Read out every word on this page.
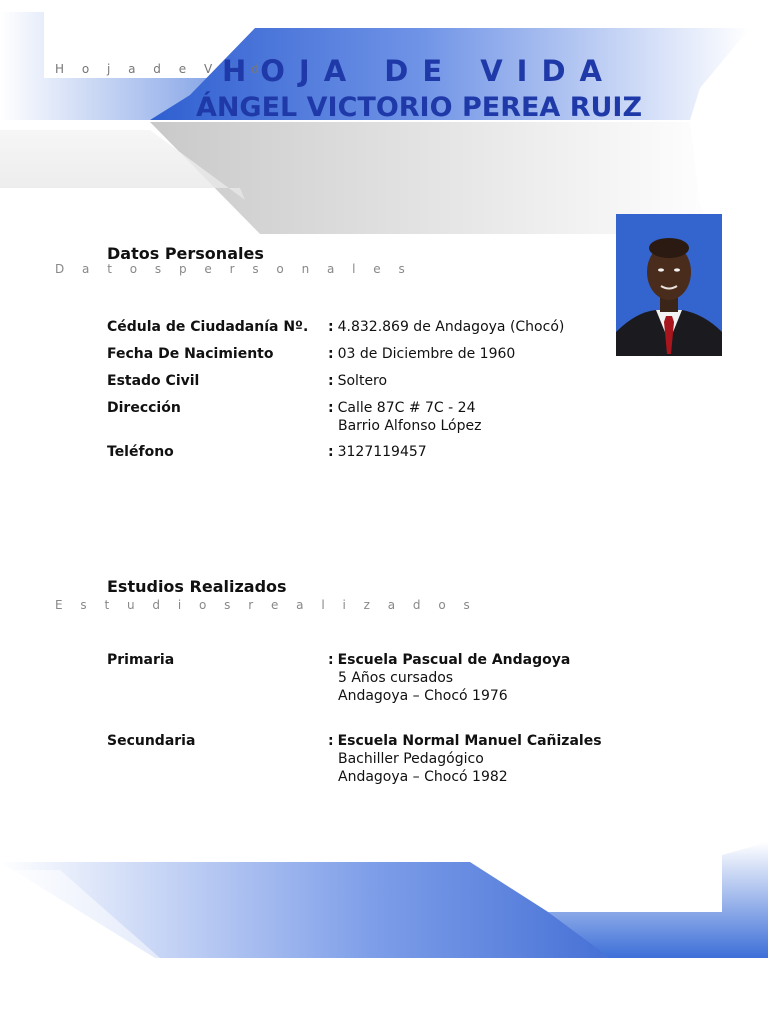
H o j a d e V i d a
HOJA DE VIDA
ÁNGEL VICTORIO PEREA RUIZ
Datos Personales
D a t o s p e r s o n a l e s
Cédula de Ciudadanía Nº. : 4.832.869 de Andagoya (Chocó)
Fecha De Nacimiento	: 03 de Diciembre de 1960
Estado Civil	: Soltero
Dirección	: Calle 87C # 7C - 24
Barrio Alfonso López
Teléfono	: 3127119457
Estudios Realizados
E s t u d i o s r e a l i z a d o s
Primaria	: Escuela Pascual de Andagoya
5 Años cursados
Andagoya – Chocó 1976
Secundaria	: Escuela Normal Manuel Cañizales
Bachiller Pedagógico
Andagoya – Chocó 1982
